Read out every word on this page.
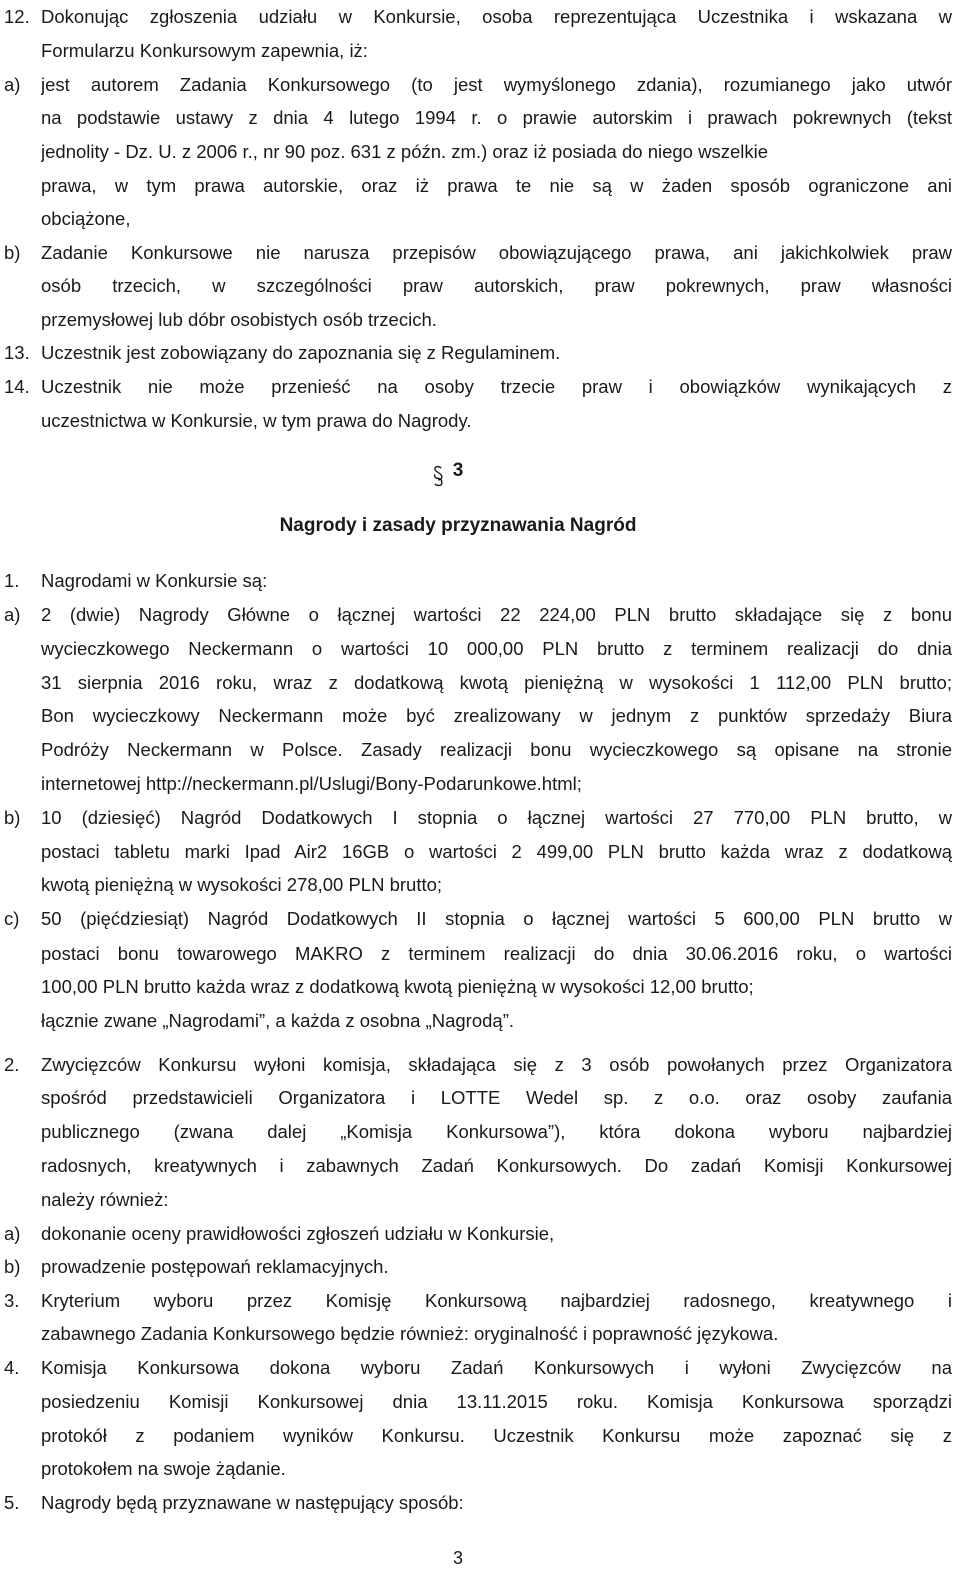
12. Dokonując zgłoszenia udziału w Konkursie, osoba reprezentująca Uczestnika i wskazana w
Formularzu Konkursowym zapewnia, iż:
a) jest autorem Zadania Konkursowego (to jest wymyślonego zdania), rozumianego jako utwór
na podstawie ustawy z dnia 4 lutego 1994 r. o prawie autorskim i prawach pokrewnych (tekst
jednolity - Dz. U. z 2006 r., nr 90 poz. 631 z późn. zm.) oraz iż posiada do niego wszelkie
prawa, w tym prawa autorskie, oraz iż prawa te nie są w żaden sposób ograniczone ani
obciążone,
b) Zadanie Konkursowe nie narusza przepisów obowiązującego prawa, ani jakichkolwiek praw
osób trzecich, w szczególności praw autorskich, praw pokrewnych, praw własności
przemysłowej lub dóbr osobistych osób trzecich.
13. Uczestnik jest zobowiązany do zapoznania się z Regulaminem.
14. Uczestnik nie może przenieść na osoby trzecie praw i obowiązków wynikających z
uczestnictwa w Konkursie, w tym prawa do Nagrody.
3
Nagrody i zasady przyznawania Nagród
1. Nagrodami w Konkursie są:
a) 2 (dwie) Nagrody Główne o łącznej wartości 22 224,00 PLN brutto składające się z bonu
wycieczkowego Neckermann o wartości 10 000,00 PLN brutto z terminem realizacji do dnia
31 sierpnia 2016 roku, wraz z dodatkową kwotą pieniężną w wysokości 1 112,00 PLN brutto;
Bon wycieczkowy Neckermann może być zrealizowany w jednym z punktów sprzedaży Biura
Podróży Neckermann w Polsce. Zasady realizacji bonu wycieczkowego są opisane na stronie
internetowej http://neckermann.pl/Uslugi/Bony-Podarunkowe.html;
b) 10 (dziesięć) Nagród Dodatkowych I stopnia o łącznej wartości 27 770,00 PLN brutto, w
postaci tabletu marki Ipad Air2 16GB o wartości 2 499,00 PLN brutto każda wraz z dodatkową
kwotą pieniężną w wysokości 278,00 PLN brutto;
c) 50 (pięćdziesiąt) Nagród Dodatkowych II stopnia o łącznej wartości 5 600,00 PLN brutto w
postaci bonu towarowego MAKRO z terminem realizacji do dnia 30.06.2016 roku, o wartości
100,00 PLN brutto każda wraz z dodatkową kwotą pieniężną w wysokości 12,00 brutto;
łącznie zwane „Nagrodami”, a każda z osobna „Nagrodą”.
2. Zwycięzców Konkursu wyłoni komisja, składająca się z 3 osób powołanych przez Organizatora
spośród przedstawicieli Organizatora i LOTTE Wedel sp. z o.o. oraz osoby zaufania
publicznego (zwana dalej „Komisja Konkursowa”), która dokona wyboru najbardziej
radosnych, kreatywnych i zabawnych Zadań Konkursowych. Do zadań Komisji Konkursowej
należy również:
a) dokonanie oceny prawidłowości zgłoszeń udziału w Konkursie,
b) prowadzenie postępowań reklamacyjnych.
3. Kryterium wyboru przez Komisję Konkursową najbardziej radosnego, kreatywnego i
zabawnego Zadania Konkursowego będzie również: oryginalność i poprawność językowa.
4. Komisja Konkursowa dokona wyboru Zadań Konkursowych i wyłoni Zwycięzców na
posiedzeniu Komisji Konkursowej dnia 13.11.2015 roku. Komisja Konkursowa sporządzi
protokół z podaniem wyników Konkursu. Uczestnik Konkursu może zapoznać się z
protokołem na swoje żądanie.
5. Nagrody będą przyznawane w następujący sposób:
3
